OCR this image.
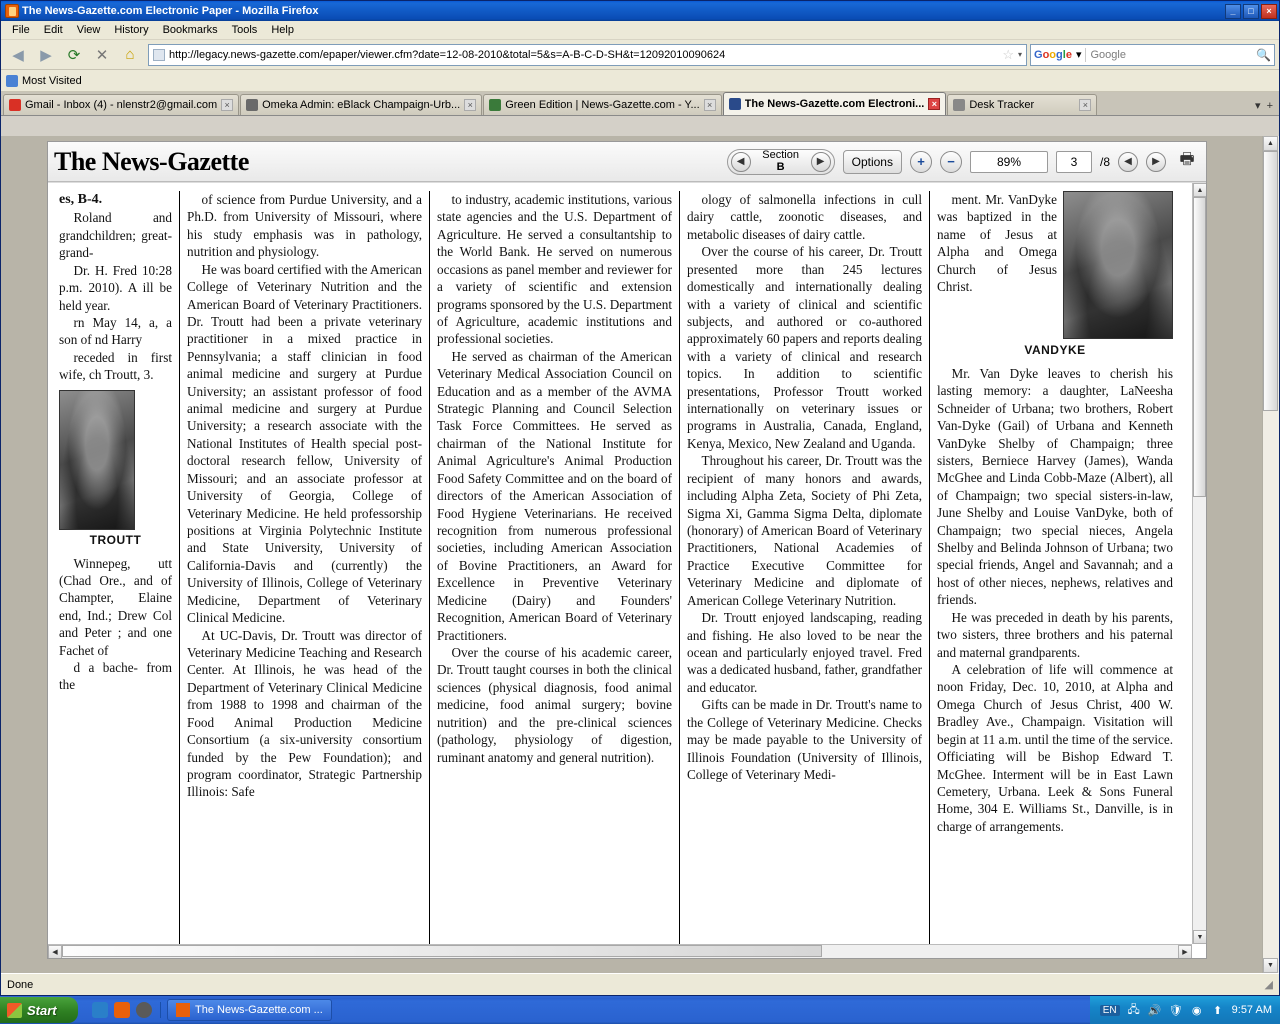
The News-Gazette.com Electronic Paper - Mozilla Firefox	_	□	×
File	Edit	View	History	Bookmarks	Tools	Help
◀	▶	⟳	✕	⌂	http://legacy.news-gazette.com/epaper/viewer.cfm?date=12-08-2010&total=5&s=A-B-C-D-SH&t=12092010090624	☆ ▾ Google ▾ Google	🔍
Most Visited
Gmail - Inbox (4) - nlenstr2@gmail.com ×	Omeka Admin: eBlack Champaign-Urb... ×	Green Edition | News-Gazette.com - Y... ×	The News-Gazette.com Electroni... ×	Desk Tracker	×	▾ +
The News-Gazette	◀
Section
B	▶	Options	+	−	89%	3	/8	◀	▶	🖶
es, B-4.

Roland and grandchildren; great-grand-

Dr. H. Fred 10:28 p.m. 2010). A ill be held year.

rn May 14, a, a son of nd Harry

receded in first wife, ch Troutt, 3.

TROUTT

Winnepeg, utt (Chad Ore., and of Champter, Elaine end, Ind.; Drew Col and Peter ; and one Fachet of

d a bache- from the

of science from Purdue University, and a Ph.D. from University of Missouri, where his study emphasis was in pathology, nutrition and physiology.

He was board certified with the American College of Veterinary Nutrition and the American Board of Veterinary Practitioners. Dr. Troutt had been a private veterinary practitioner in a mixed practice in Pennsylvania; a staff clinician in food animal medicine and surgery at Purdue University; an assistant professor of food animal medicine and surgery at Purdue University; a research associate with the National Institutes of Health special post-doctoral research fellow, University of Missouri; and an associate professor at University of Georgia, College of Veterinary Medicine. He held professorship positions at Virginia Polytechnic Institute and State University, University of California-Davis and (currently) the University of Illinois, College of Veterinary Medicine, Department of Veterinary Clinical Medicine.

At UC-Davis, Dr. Troutt was director of Veterinary Medicine Teaching and Research Center. At Illinois, he was head of the Department of Veterinary Clinical Medicine from 1988 to 1998 and chairman of the Food Animal Production Medicine Consortium (a six-university consortium funded by the Pew Foundation); and program coordinator, Strategic Partnership Illinois: Safe

to industry, academic institutions, various state agencies and the U.S. Department of Agriculture. He served a consultantship to the World Bank. He served on numerous occasions as panel member and reviewer for a variety of scientific and extension programs sponsored by the U.S. Department of Agriculture, academic institutions and professional societies.

He served as chairman of the American Veterinary Medical Association Council on Education and as a member of the AVMA Strategic Planning and Council Selection Task Force Committees. He served as chairman of the National Institute for Animal Agriculture's Animal Production Food Safety Committee and on the board of directors of the American Association of Food Hygiene Veterinarians. He received recognition from numerous professional societies, including American Association of Bovine Practitioners, an Award for Excellence in Preventive Veterinary Medicine (Dairy) and Founders' Recognition, American Board of Veterinary Practitioners.

Over the course of his academic career, Dr. Troutt taught courses in both the clinical sciences (physical diagnosis, food animal medicine, food animal surgery; bovine nutrition) and the pre-clinical sciences (pathology, physiology of digestion, ruminant anatomy and general nutrition).

ology of salmonella infections in cull dairy cattle, zoonotic diseases, and metabolic diseases of dairy cattle.

Over the course of his career, Dr. Troutt presented more than 245 lectures domestically and internationally dealing with a variety of clinical and scientific subjects, and authored or co-authored approximately 60 papers and reports dealing with a variety of clinical and research topics. In addition to scientific presentations, Professor Troutt worked internationally on veterinary issues or programs in Australia, Canada, England, Kenya, Mexico, New Zealand and Uganda.

Throughout his career, Dr. Troutt was the recipient of many honors and awards, including Alpha Zeta, Society of Phi Zeta, Sigma Xi, Gamma Sigma Delta, diplomate (honorary) of American Board of Veterinary Practitioners, National Academies of Practice Executive Committee for Veterinary Medicine and diplomate of American College Veterinary Nutrition.

Dr. Troutt enjoyed landscaping, reading and fishing. He also loved to be near the ocean and particularly enjoyed travel. Fred was a dedicated husband, father, grandfather and educator.

Gifts can be made in Dr. Troutt's name to the College of Veterinary Medicine. Checks may be made payable to the University of Illinois Foundation (University of Illinois, College of Veterinary Medi-

ment. Mr. VanDyke was baptized in the name of Jesus at Alpha and Omega Church of Jesus Christ.

VANDYKE

Mr. Van Dyke leaves to cherish his lasting memory: a daughter, LaNeesha Schneider of Urbana; two brothers, Robert Van-Dyke (Gail) of Urbana and Kenneth VanDyke Shelby of Champaign; three sisters, Berniece Harvey (James), Wanda McGhee and Linda Cobb-Maze (Albert), all of Champaign; two special sisters-in-law, June Shelby and Louise VanDyke, both of Champaign; two special nieces, Angela Shelby and Belinda Johnson of Urbana; two special friends, Angel and Savannah; and a host of other nieces, nephews, relatives and friends.

He was preceded in death by his parents, two sisters, three brothers and his paternal and maternal grandparents.

A celebration of life will commence at noon Friday, Dec. 10, 2010, at Alpha and Omega Church of Jesus Christ, 400 W. Bradley Ave., Champaign. Visitation will begin at 11 a.m. until the time of the service. Officiating will be Bishop Edward T. McGhee. Interment will be in East Lawn Cemetery, Urbana. Leek & Sons Funeral Home, 304 E. Williams St., Danville, is in charge of arrangements.

▲
▼
◀	▶
▲
▼
Done	◢
Start	The News-Gazette.com ...	EN 🖧 🔊 🛡 ◉ ⬆ 9:57 AM
